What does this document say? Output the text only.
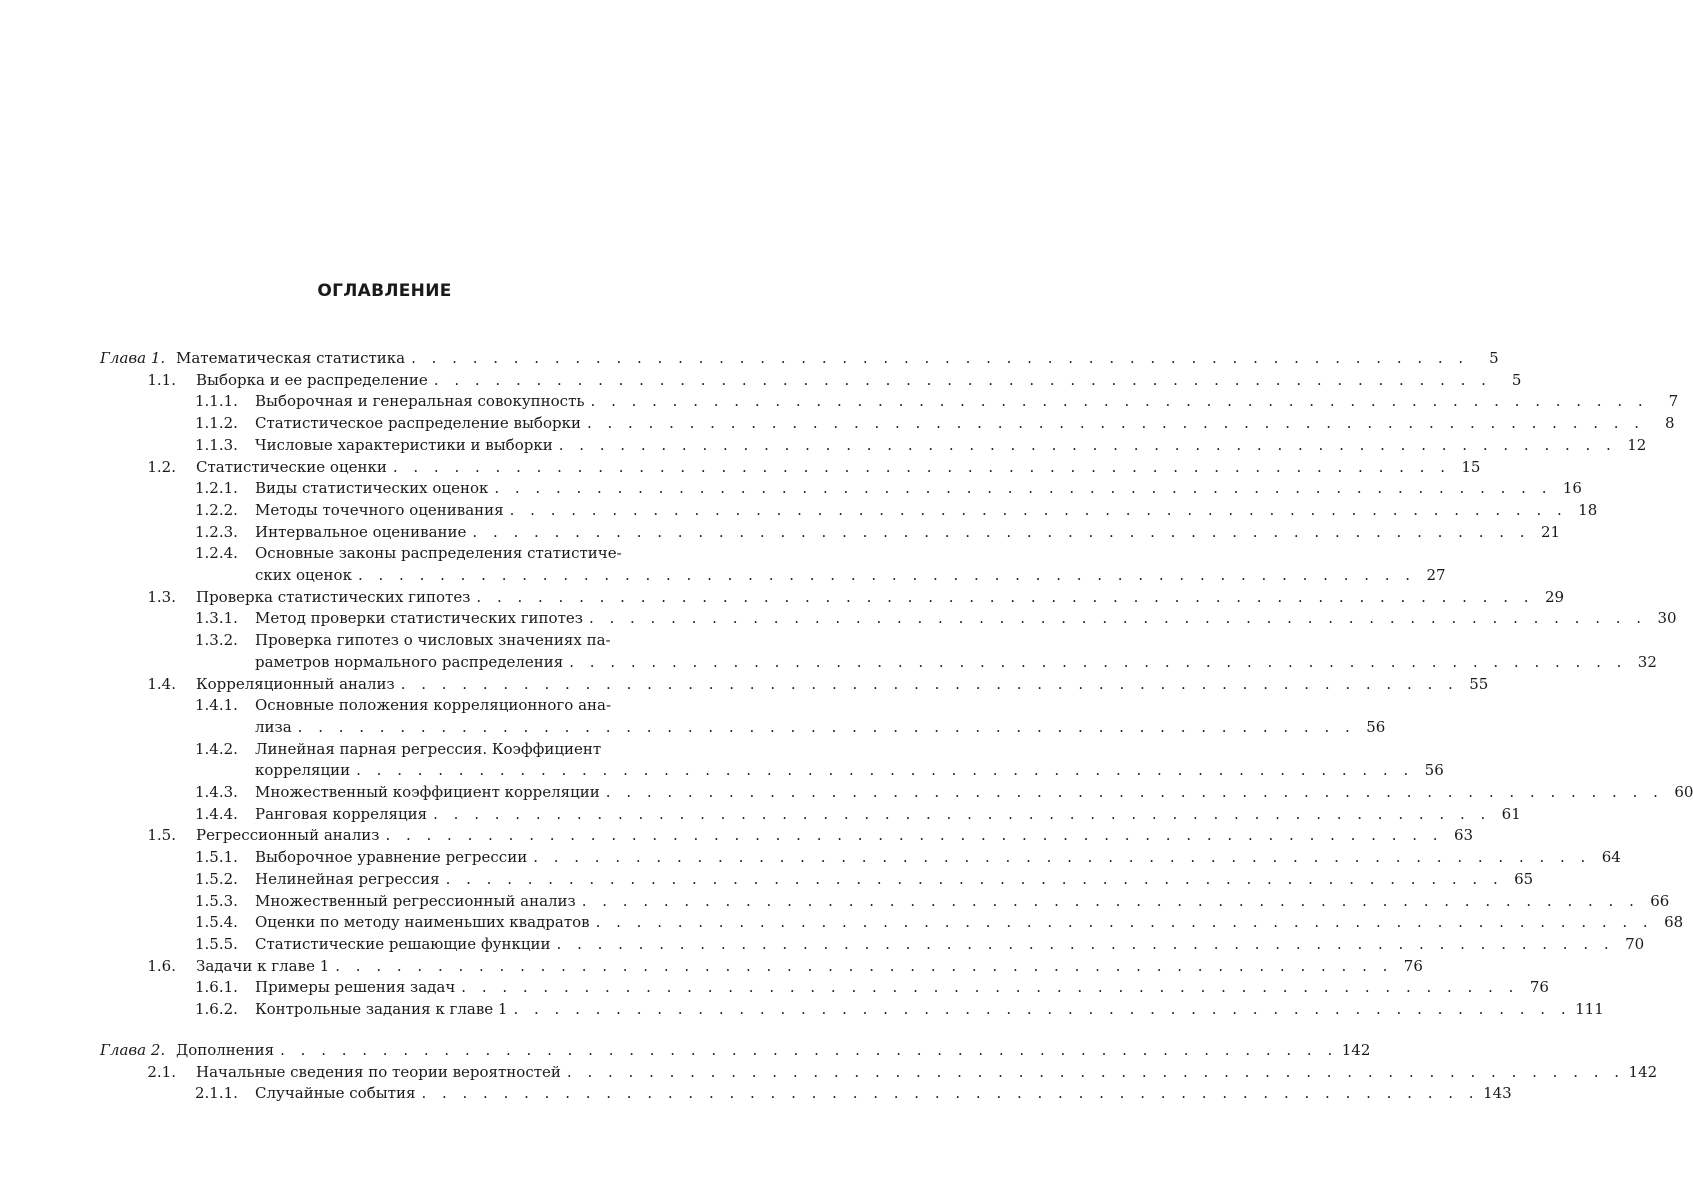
ОГЛАВЛЕНИЕ
Глава 1. Математическая статистика . . . . . . . . . . . . . . . . . . . . . . . . . . . . . . . . . . . . . . . . . . . . . . . . . . . .	5
1.1. Выборка и ее распределение . . . . . . . . . . . . . . . . . . . . . . . . . . . . . . . . . . . . . . . . . . . . . . . . . . . .	5
1.1.1.	Выборочная и генеральная совокупность . . . . . . . . . . . . . . . . . . . . . . . . . . . . . . . . . . . . . . . . . . . . . . . . . . . .	7
1.1.2.	Статистическое распределение выборки . . . . . . . . . . . . . . . . . . . . . . . . . . . . . . . . . . . . . . . . . . . . . . . . . . . .	8
1.1.3.	Числовые характеристики и выборки . . . . . . . . . . . . . . . . . . . . . . . . . . . . . . . . . . . . . . . . . . . . . . . . . . . . 12
1.2. Статистические оценки . . . . . . . . . . . . . . . . . . . . . . . . . . . . . . . . . . . . . . . . . . . . . . . . . . . . 15
1.2.1.	Виды статистических оценок . . . . . . . . . . . . . . . . . . . . . . . . . . . . . . . . . . . . . . . . . . . . . . . . . . . . 16
1.2.2.	Методы точечного оценивания . . . . . . . . . . . . . . . . . . . . . . . . . . . . . . . . . . . . . . . . . . . . . . . . . . . . 18
1.2.3.	Интервальное оценивание . . . . . . . . . . . . . . . . . . . . . . . . . . . . . . . . . . . . . . . . . . . . . . . . . . . . 21
1.2.4.	Основные законы распределения статистиче-
ских оценок . . . . . . . . . . . . . . . . . . . . . . . . . . . . . . . . . . . . . . . . . . . . . . . . . . . . 27
1.3. Проверка статистических гипотез . . . . . . . . . . . . . . . . . . . . . . . . . . . . . . . . . . . . . . . . . . . . . . . . . . . . 29
1.3.1.	Метод проверки статистических гипотез . . . . . . . . . . . . . . . . . . . . . . . . . . . . . . . . . . . . . . . . . . . . . . . . . . . . 30
1.3.2.	Проверка гипотез о числовых значениях па-
раметров нормального распределения . . . . . . . . . . . . . . . . . . . . . . . . . . . . . . . . . . . . . . . . . . . . . . . . . . . . 32
1.4. Корреляционный анализ . . . . . . . . . . . . . . . . . . . . . . . . . . . . . . . . . . . . . . . . . . . . . . . . . . . . 55
1.4.1.	Основные положения корреляционного ана-
лиза . . . . . . . . . . . . . . . . . . . . . . . . . . . . . . . . . . . . . . . . . . . . . . . . . . . . 56
1.4.2.	Линейная парная регрессия. Коэффициент
корреляции . . . . . . . . . . . . . . . . . . . . . . . . . . . . . . . . . . . . . . . . . . . . . . . . . . . . 56
1.4.3.	Множественный коэффициент корреляции . . . . . . . . . . . . . . . . . . . . . . . . . . . . . . . . . . . . . . . . . . . . . . . . . . . . 60
1.4.4.	Ранговая корреляция . . . . . . . . . . . . . . . . . . . . . . . . . . . . . . . . . . . . . . . . . . . . . . . . . . . . 61
1.5. Регрессионный анализ . . . . . . . . . . . . . . . . . . . . . . . . . . . . . . . . . . . . . . . . . . . . . . . . . . . . 63
1.5.1.	Выборочное уравнение регрессии . . . . . . . . . . . . . . . . . . . . . . . . . . . . . . . . . . . . . . . . . . . . . . . . . . . . 64
1.5.2.	Нелинейная регрессия . . . . . . . . . . . . . . . . . . . . . . . . . . . . . . . . . . . . . . . . . . . . . . . . . . . . 65
1.5.3.	Множественный регрессионный анализ . . . . . . . . . . . . . . . . . . . . . . . . . . . . . . . . . . . . . . . . . . . . . . . . . . . . 66
1.5.4.	Оценки по методу наименьших квадратов . . . . . . . . . . . . . . . . . . . . . . . . . . . . . . . . . . . . . . . . . . . . . . . . . . . . 68
1.5.5.	Статистические решающие функции . . . . . . . . . . . . . . . . . . . . . . . . . . . . . . . . . . . . . . . . . . . . . . . . . . . . 70
1.6. Задачи к главе 1 . . . . . . . . . . . . . . . . . . . . . . . . . . . . . . . . . . . . . . . . . . . . . . . . . . . . 76
1.6.1.	Примеры решения задач . . . . . . . . . . . . . . . . . . . . . . . . . . . . . . . . . . . . . . . . . . . . . . . . . . . . 76
1.6.2.	Контрольные задания к главе 1 . . . . . . . . . . . . . . . . . . . . . . . . . . . . . . . . . . . . . . . . . . . . . . . . . . . . 111
Глава 2. Дополнения . . . . . . . . . . . . . . . . . . . . . . . . . . . . . . . . . . . . . . . . . . . . . . . . . . . . 142
2.1. Начальные сведения по теории вероятностей . . . . . . . . . . . . . . . . . . . . . . . . . . . . . . . . . . . . . . . . . . . . . . . . . . . . 142
2.1.1.	Случайные события . . . . . . . . . . . . . . . . . . . . . . . . . . . . . . . . . . . . . . . . . . . . . . . . . . . . 143
